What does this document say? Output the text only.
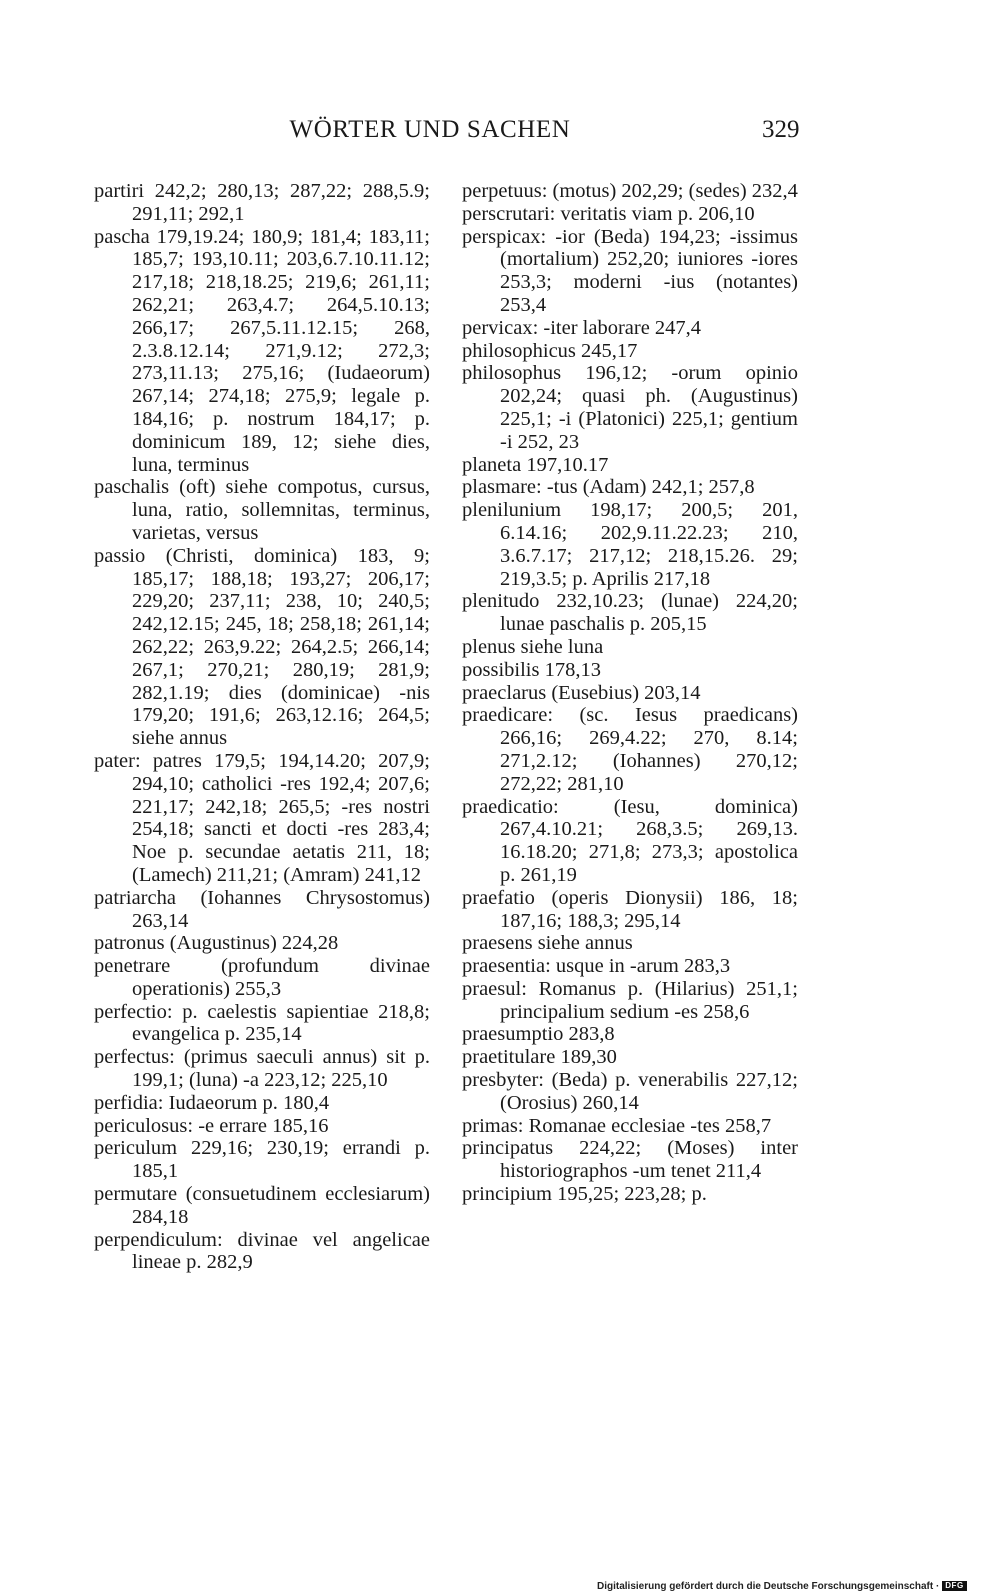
WÖRTER UND SACHEN	329
partiri 242,2; 280,13; 287,22; 288,5.9; 291,11; 292,1
pascha 179,19.24; 180,9; 181,4; 183,11; 185,7; 193,10.11; 203,6.7.10.11.12; 217,18; 218,18.25; 219,6; 261,11; 262,21; 263,4.7; 264,5.10.13; 266,17; 267,5.11.12.15; 268, 2.3.8.12.14; 271,9.12; 272,3; 273,11.13; 275,16; (Iudaeorum) 267,14; 274,18; 275,9; legale p. 184,16; p. nostrum 184,17; p. dominicum 189, 12; siehe dies, luna, terminus
paschalis (oft) siehe compotus, cursus, luna, ratio, sollemnitas, terminus, varietas, versus
passio (Christi, dominica) 183, 9; 185,17; 188,18; 193,27; 206,17; 229,20; 237,11; 238, 10; 240,5; 242,12.15; 245, 18; 258,18; 261,14; 262,22; 263,9.22; 264,2.5; 266,14; 267,1; 270,21; 280,19; 281,9; 282,1.19; dies (dominicae) -nis 179,20; 191,6; 263,12.16; 264,5; siehe annus
pater: patres 179,5; 194,14.20; 207,9; 294,10; catholici -res 192,4; 207,6; 221,17; 242,18; 265,5; -res nostri 254,18; sancti et docti -res 283,4; Noe p. secundae aetatis 211, 18; (Lamech) 211,21; (Amram) 241,12
patriarcha (Iohannes Chrysostomus) 263,14
patronus (Augustinus) 224,28
penetrare (profundum divinae operationis) 255,3
perfectio: p. caelestis sapientiae 218,8; evangelica p. 235,14
perfectus: (primus saeculi annus) sit p. 199,1; (luna) -a 223,12; 225,10
perfidia: Iudaeorum p. 180,4
periculosus: -e errare 185,16
periculum 229,16; 230,19; errandi p. 185,1
permutare (consuetudinem ecclesiarum) 284,18
perpendiculum: divinae vel angelicae lineae p. 282,9
perpetuus: (motus) 202,29; (sedes) 232,4
perscrutari: veritatis viam p. 206,10
perspicax: -ior (Beda) 194,23; -issimus (mortalium) 252,20; iuniores -iores 253,3; moderni -ius (notantes) 253,4
pervicax: -iter laborare 247,4
philosophicus 245,17
philosophus 196,12; -orum opinio 202,24; quasi ph. (Augustinus) 225,1; -i (Platonici) 225,1; gentium -i 252, 23
planeta 197,10.17
plasmare: -tus (Adam) 242,1; 257,8
plenilunium 198,17; 200,5; 201, 6.14.16; 202,9.11.22.23; 210, 3.6.7.17; 217,12; 218,15.26. 29; 219,3.5; p. Aprilis 217,18
plenitudo 232,10.23; (lunae) 224,20; lunae paschalis p. 205,15
plenus siehe luna
possibilis 178,13
praeclarus (Eusebius) 203,14
praedicare: (sc. Iesus praedicans) 266,16; 269,4.22; 270, 8.14; 271,2.12; (Iohannes) 270,12; 272,22; 281,10
praedicatio: (Iesu, dominica) 267,4.10.21; 268,3.5; 269,13. 16.18.20; 271,8; 273,3; apostolica p. 261,19
praefatio (operis Dionysii) 186, 18; 187,16; 188,3; 295,14
praesens siehe annus
praesentia: usque in -arum 283,3
praesul: Romanus p. (Hilarius) 251,1; principalium sedium -es 258,6
praesumptio 283,8
praetitulare 189,30
presbyter: (Beda) p. venerabilis 227,12; (Orosius) 260,14
primas: Romanae ecclesiae -tes 258,7
principatus 224,22; (Moses) inter historiographos -um tenet 211,4
principium 195,25; 223,28; p.
Digitalisierung gefördert durch die Deutsche Forschungsgemeinschaft · DFG
